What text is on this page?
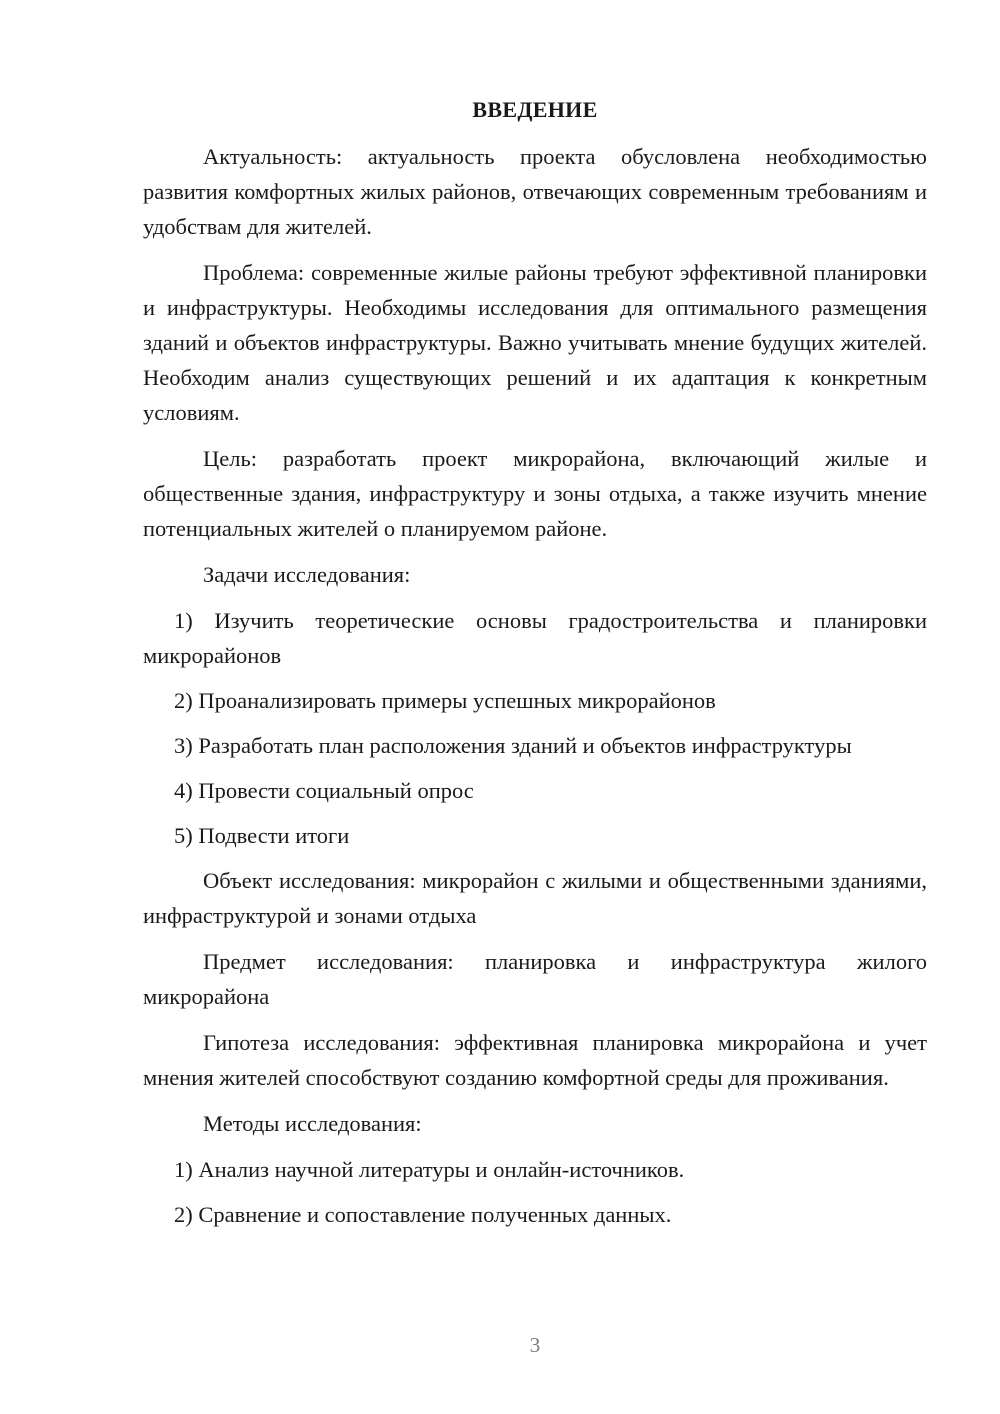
ВВЕДЕНИЕ

Актуальность: актуальность проекта обусловлена необходимостью развития комфортных жилых районов, отвечающих современным требованиям и удобствам для жителей.

Проблема: современные жилые районы требуют эффективной планировки и инфраструктуры. Необходимы исследования для оптимального размещения зданий и объектов инфраструктуры. Важно учитывать мнение будущих жителей. Необходим анализ существующих решений и их адаптация к конкретным условиям.

Цель: разработать проект микрорайона, включающий жилые и общественные здания, инфраструктуру и зоны отдыха, а также изучить мнение потенциальных жителей о планируемом районе.

Задачи исследования:

1) Изучить теоретические основы градостроительства и планировки микрорайонов

2) Проанализировать примеры успешных микрорайонов

3) Разработать план расположения зданий и объектов инфраструктуры

4) Провести социальный опрос

5) Подвести итоги

Объект исследования: микрорайон с жилыми и общественными зданиями, инфраструктурой и зонами отдыха

Предмет исследования: планировка и инфраструктура жилого микрорайона

Гипотеза исследования: эффективная планировка микрорайона и учет мнения жителей способствуют созданию комфортной среды для проживания.

Методы исследования:

1) Анализ научной литературы и онлайн-источников.

2) Сравнение и сопоставление полученных данных.

3
